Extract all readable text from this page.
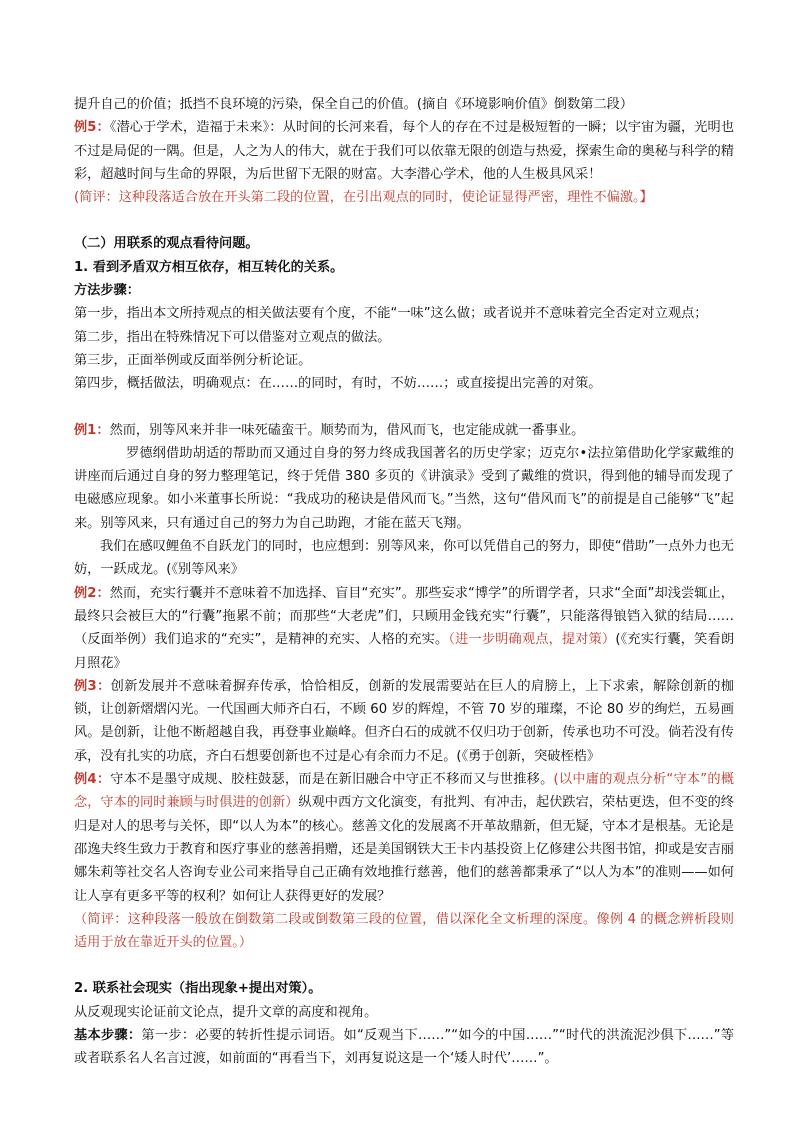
提升自己的价值；抵挡不良环境的污染，保全自己的价值。(摘自《环境影响价值》倒数第二段）

例5：《潜心于学术，造福于未来》：从时间的长河来看，每个人的存在不过是极短暂的一瞬；以宇宙为疆，光明也不过是局促的一隅。但是，人之为人的伟大，就在于我们可以依靠无限的创造与热爱，探索生命的奥秘与科学的精彩，超越时间与生命的界限，为后世留下无限的财富。大李潜心学术，他的人生极具风采！

(简评：这种段落适合放在开头第二段的位置，在引出观点的同时，使论证显得严密，理性不偏激。】

（二）用联系的观点看待问题。

1. 看到矛盾双方相互依存，相互转化的关系。

方法步骤：

第一步，指出本文所持观点的相关做法要有个度，不能“一味”这么做；或者说并不意味着完全否定对立观点；

第二步，指出在特殊情况下可以借鉴对立观点的做法。

第三步，正面举例或反面举例分析论证。

第四步，概括做法，明确观点：在……的同时，有时，不妨……；或直接提出完善的对策。

例1：然而，别等风来并非一味死磕蛮干。顺势而为，借风而飞，也定能成就一番事业。

罗德纲借助胡适的帮助而又通过自身的努力终成我国著名的历史学家；迈克尔•法拉第借助化学家戴维的讲座而后通过自身的努力整理笔记，终于凭借 380 多页的《讲演录》受到了戴维的赏识，得到他的辅导而发现了电磁感应现象。如小米董事长所说：“我成功的秘诀是借风而飞。”当然，这句“借风而飞”的前提是自己能够“飞”起来。别等风来，只有通过自己的努力为自己助跑，才能在蓝天飞翔。

我们在感叹鲤鱼不自跃龙门的同时，也应想到：别等风来，你可以凭借自己的努力，即使“借助”一点外力也无妨，一跃成龙。(《别等风来》

例2：然而，充实行囊并不意味着不加选择、盲目“充实”。那些妄求“博学”的所谓学者，只求“全面”却浅尝辄止，最终只会被巨大的“行囊”拖累不前；而那些“大老虎”们，只顾用金钱充实“行囊”，只能落得锒铛入狱的结局……（反面举例）我们追求的“充实”，是精神的充实、人格的充实。（进一步明确观点，提对策）(《充实行囊，笑看朗月照花》

例3：创新发展并不意味着摒弃传承，恰恰相反，创新的发展需要站在巨人的肩膀上，上下求索，解除创新的枷锁，让创新熠熠闪光。一代国画大师齐白石，不顾 60 岁的辉煌，不管 70 岁的璀璨，不论 80 岁的绚烂，五易画风。是创新，让他不断超越自我，再登事业巅峰。但齐白石的成就不仅归功于创新，传承也功不可没。倘若没有传承，没有扎实的功底，齐白石想要创新也不过是心有余而力不足。(《勇于创新，突破桎梏》

例4：守本不是墨守成规、胶柱鼓瑟，而是在新旧融合中守正不移而又与世推移。(以中庸的观点分析“守本”的概念，守本的同时兼顾与时俱进的创新）纵观中西方文化演变，有批判、有冲击，起伏跌宕，荣枯更迭，但不变的终归是对人的思考与关怀，即“以人为本”的核心。慈善文化的发展离不开革故鼎新，但无疑，守本才是根基。无论是邵逸夫终生致力于教育和医疗事业的慈善捐赠，还是美国钢铁大王卡内基投资上亿修建公共图书馆，抑或是安吉丽娜朱莉等社交名人咨询专业公司来指导自己正确有效地推行慈善，他们的慈善都秉承了“以人为本”的准则——如何让人享有更多平等的权利？如何让人获得更好的发展？

（简评：这种段落一般放在倒数第二段或倒数第三段的位置，借以深化全文析理的深度。像例 4 的概念辨析段则适用于放在靠近开头的位置。）

2. 联系社会现实（指出现象+提出对策）。

从反观现实论证前文论点，提升文章的高度和视角。

基本步骤：第一步：必要的转折性提示词语。如“反观当下……”“如今的中国……”“时代的洪流泥沙俱下……”等或者联系名人名言过渡，如前面的“再看当下，刘再复说这是一个‘矮人时代’……”。
